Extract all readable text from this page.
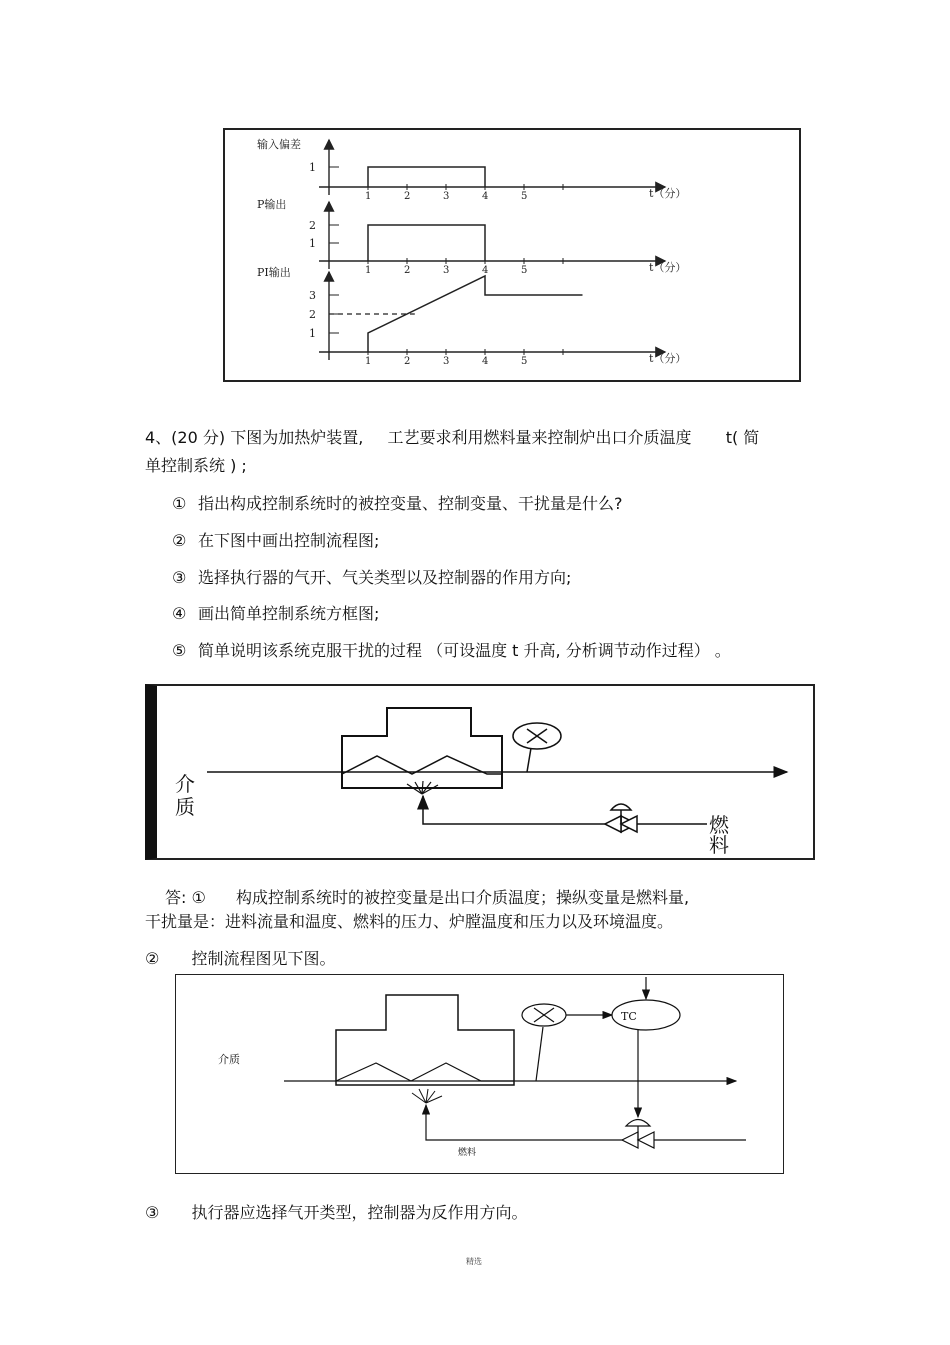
输入偏差
t（分）
1
1	2	3	4	5
P输出
t（分）
2
1
1	2	3	4	5
PI输出
t（分）
3
2
1
1	2	3	4	5
4、(20 分) 下图为加热炉装置, 工艺要求利用燃料量来控制炉出口介质温度 t( 简
单控制系统 ) ;
① 指出构成控制系统时的被控变量、控制变量、干扰量是什么?
② 在下图中画出控制流程图;
③ 选择执行器的气开、气关类型以及控制器的作用方向;
④ 画出简单控制系统方框图;
⑤ 简单说明该系统克服干扰的过程 （可设温度 t 升高, 分析调节动作过程） 。
介
质
燃
料
答: ① 构成控制系统时的被控变量是出口介质温度；操纵变量是燃料量,
干扰量是：进料流量和温度、燃料的压力、炉膛温度和压力以及环境温度。
② 控制流程图见下图。
TC
介质
燃料
③ 执行器应选择气开类型，控制器为反作用方向。
精选
